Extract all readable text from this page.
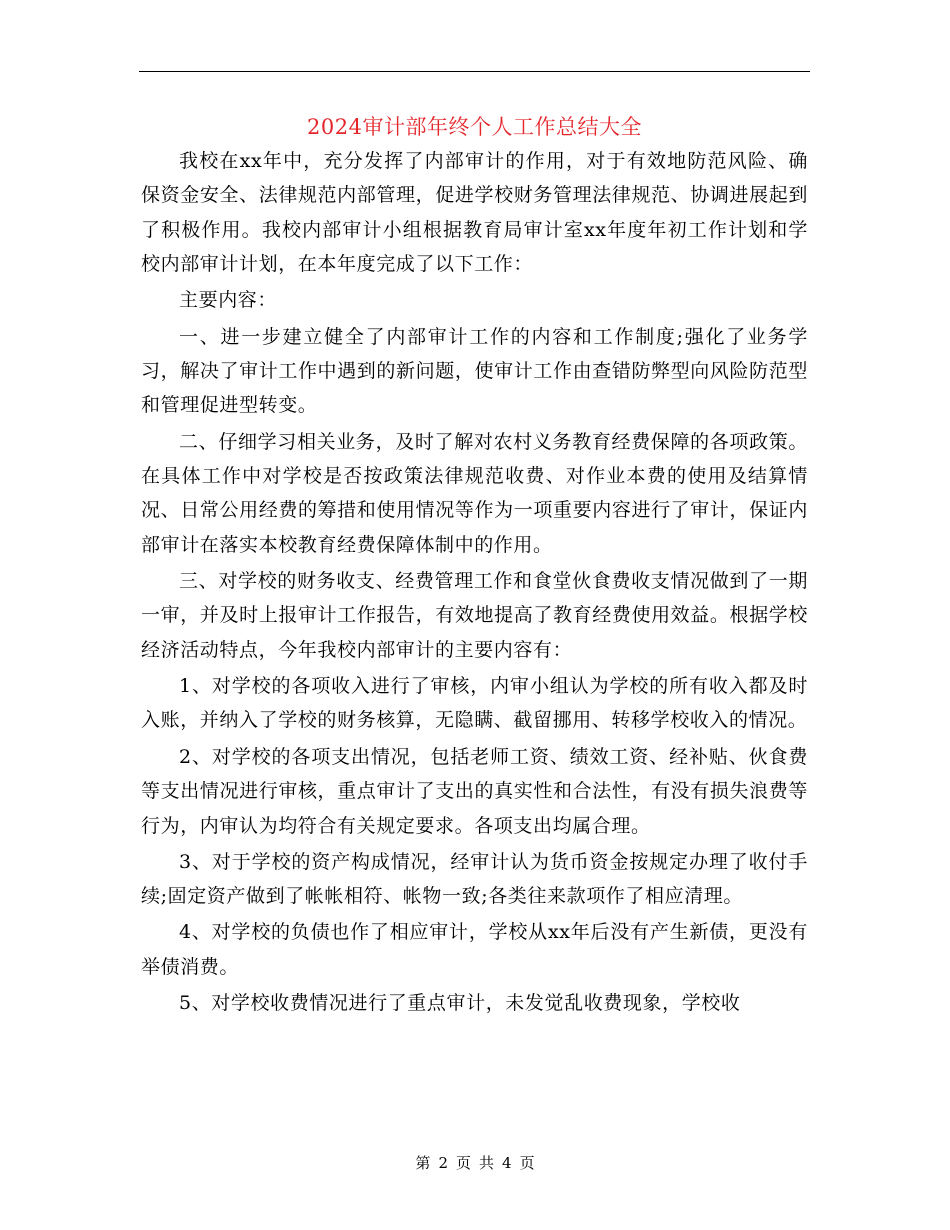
2024审计部年终个人工作总结大全

我校在xx年中，充分发挥了内部审计的作用，对于有效地防范风险、确保资金安全、法律规范内部管理，促进学校财务管理法律规范、协调进展起到了积极作用。我校内部审计小组根据教育局审计室xx年度年初工作计划和学校内部审计计划，在本年度完成了以下工作：

主要内容：

一、进一步建立健全了内部审计工作的内容和工作制度;强化了业务学习，解决了审计工作中遇到的新问题，使审计工作由查错防弊型向风险防范型和管理促进型转变。

二、仔细学习相关业务，及时了解对农村义务教育经费保障的各项政策。在具体工作中对学校是否按政策法律规范收费、对作业本费的使用及结算情况、日常公用经费的筹措和使用情况等作为一项重要内容进行了审计，保证内部审计在落实本校教育经费保障体制中的作用。

三、对学校的财务收支、经费管理工作和食堂伙食费收支情况做到了一期一审，并及时上报审计工作报告，有效地提高了教育经费使用效益。根据学校经济活动特点，今年我校内部审计的主要内容有：

1、对学校的各项收入进行了审核，内审小组认为学校的所有收入都及时入账，并纳入了学校的财务核算，无隐瞒、截留挪用、转移学校收入的情况。

2、对学校的各项支出情况，包括老师工资、绩效工资、经补贴、伙食费等支出情况进行审核，重点审计了支出的真实性和合法性，有没有损失浪费等行为，内审认为均符合有关规定要求。各项支出均属合理。

3、对于学校的资产构成情况，经审计认为货币资金按规定办理了收付手续;固定资产做到了帐帐相符、帐物一致;各类往来款项作了相应清理。

4、对学校的负债也作了相应审计，学校从xx年后没有产生新债，更没有举债消费。

5、对学校收费情况进行了重点审计，未发觉乱收费现象，学校收

第 2 页 共 4 页
